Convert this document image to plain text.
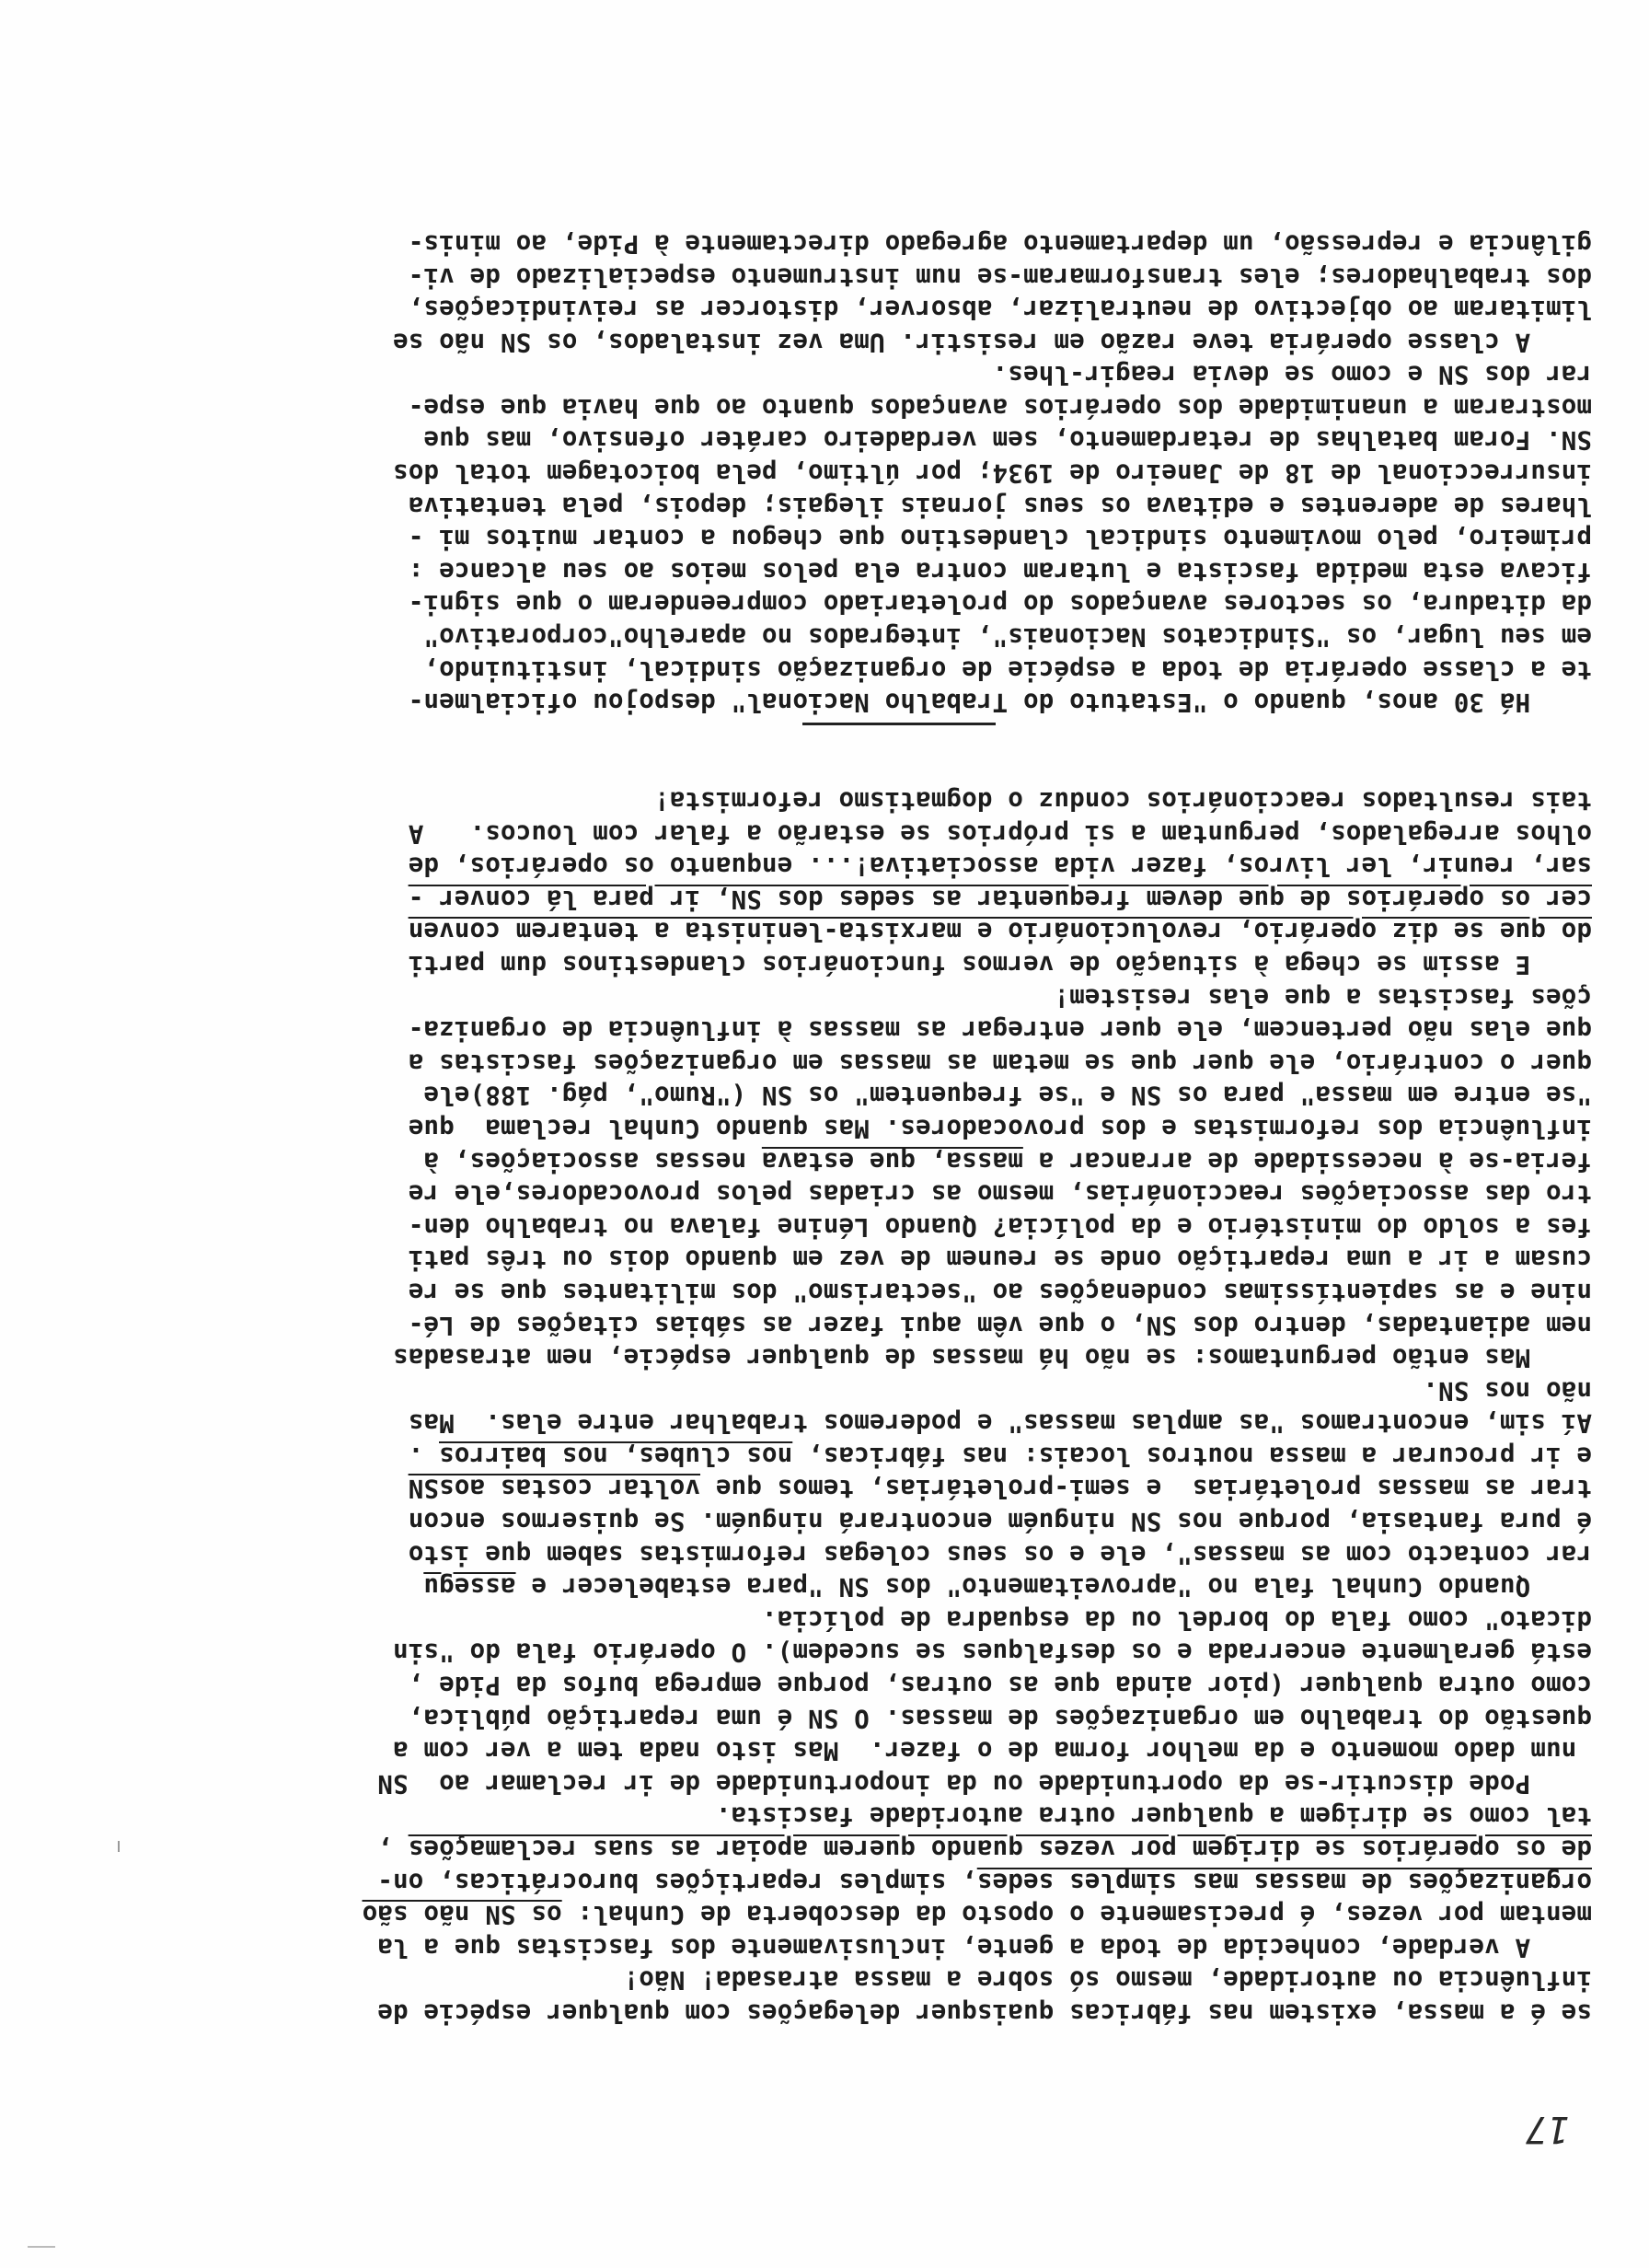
17
se é a massa, existem nas fábricas quaisquer delegações com qualquer espécie de
influência ou autoridade, mesmo só sobre a massa atrasada! Não!
A verdade, conhecida de toda a gente, inclusivamente dos fascistas que a la
mentam por vezes, é precisamente o oposto da descoberta de Cunhal: os SN não são
organizações de massas mas simples sedes, simples repartições burocráticas, on-
de os operários se dirigem por vezes quando querem apoiar as suas reclamações ,
tal como se dirigem a qualquer outra autoridade fascista.
Pode discutir-se da oportunidade ou da inoportunidade de ir reclamar ao  SN
num dado momento e da melhor forma de o fazer.  Mas isto nada tem a ver com a
questão do trabalho em organizações de massas. O SN é uma repartição pública,
como outra qualquer (pior ainda que as outras, porque emprega bufos da Pide ,
está geralmente encerrada e os desfalques se sucedem). O operário fala do "sin
dicato" como fala do bordel ou da esquadra de polícia.
Quando Cunhal fala no "aproveitamento" dos SN "para estabelecer e assegu
rar contacto com as massas", ele e os seus colegas reformistas sabem que isto
é pura fantasia, porque nos SN ninguém encontrará ninguém. Se quisermos encon
trar as massas proletárias  e semi-proletárias, temos que voltar costas aosSN
e ir procurar a massa noutros locais: nas fábricas, nos clubes, nos bairros .
Aí sim, encontramos "as amplas massas" e poderemos trabalhar entre elas.  Mas
não nos SN.
Mas então perguntamos: se não há massas de qualquer espécie, nem atrasadas
nem adiantadas, dentro dos SN, o que vêm aqui fazer as sábias citações de Lé-
nine e as sapientíssimas condenações ao "sectarismo" dos militantes que se re
cusam a ir a uma repartição onde se reunem de vez em quando dois ou três pati
fes a soldo do ministério e da polícia? Quando Lénine falava no trabalho den-
tro das associações reaccionárias, mesmo as criadas pelos provocadores,ele re
feria-se à necessidade de arrancar a massa, que estava nessas associações, à
influência dos reformistas e dos provocadores. Mas quando Cunhal reclama  que
"se entre em massa" para os SN e "se frequentem" os SN ("Rumo", pág. 188)ele
quer o contrário, ele quer que se metam as massas em organizações fascistas a
que elas não pertencem, ele quer entregar as massas à influência de organiza-
ções fascistas a que elas resistem!
E assim se chega à situação de vermos funcionários clandestinos dum parti
do que se diz operário, revolucionário e marxista-leninista a tentarem conven
cer os operários de que devem frequentar as sedes dos SN, ir para lá conver -
sar, reunir, ler livros, fazer vida associativa!... enquanto os operários, de
olhos arregalados, perguntam a si próprios se estarão a falar com loucos.   A
tais resultados reaccionários conduz o dogmatismo reformista!
Há 30 anos, quando o "Estatuto do Trabalho Nacional" despojou oficialmen-
te a classe operária de toda a espécie de organização sindical, instituindo,
em seu lugar, os "Sindicatos Nacionais", integrados no aparelho"corporativo"
da ditadura, os sectores avançados do proletariado compreenderam o que signi-
ficava esta medida fascista e lutaram contra ela pelos meios ao seu alcance :
primeiro, pelo movimento sindical clandestino que chegou a contar muitos mi -
lhares de aderentes e editava os seus jornais ilegais; depois, pela tentativa
insurreccional de 18 de Janeiro de 1934; por último, pela boicotagem total dos
SN. Foram batalhas de retardamento, sem verdadeiro caráter ofensivo, mas que
mostraram a unanimidade dos operários avançados quanto ao que havia que espe-
rar dos SN e como se devia reagir-lhes.
A classe operária teve razão em resistir. Uma vez instalados, os SN não se
limitaram ao objectivo de neutralizar, absorver, distorcer as reivindicações,
dos trabalhadores; eles transformaram-se num instrumento especializado de vi-
gilância e repressão, um departamento agregado directamente à Pide, ao minis-
